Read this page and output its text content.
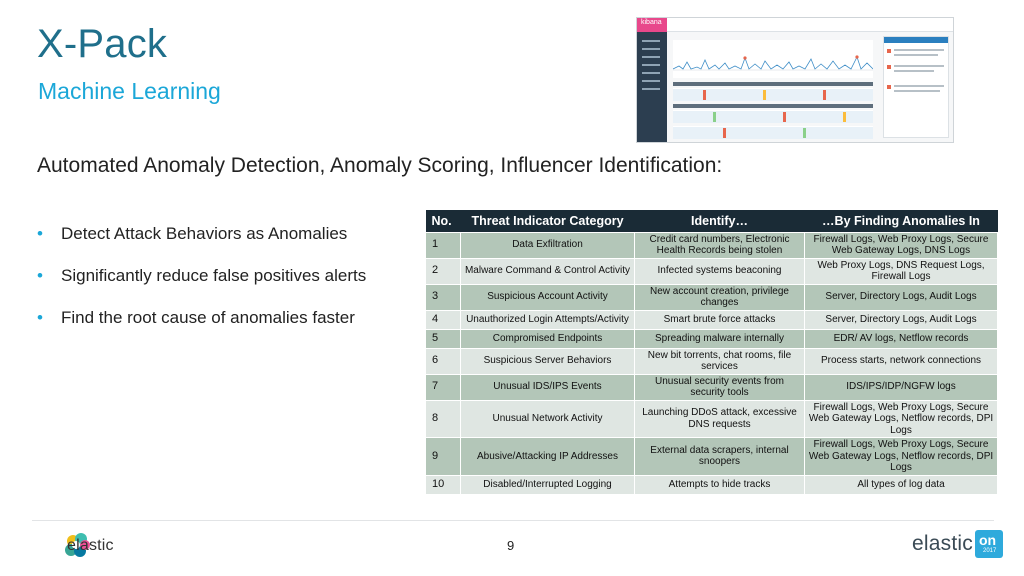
X-Pack
Machine Learning
kibana
Automated Anomaly Detection, Anomaly Scoring, Influencer Identification:
• Detect Attack Behaviors as Anomalies
• Significantly reduce false positives alerts
• Find the root cause of anomalies faster
No.	Threat Indicator Category	Identify…	…By Finding Anomalies In
1	Data Exfiltration	Credit card numbers, Electronic Health Records being stolen	Firewall Logs, Web Proxy Logs, Secure Web Gateway Logs, DNS Logs
2	Malware Command & Control Activity	Infected systems beaconing	Web Proxy Logs, DNS Request Logs, Firewall Logs
3	Suspicious Account Activity	New account creation, privilege changes	Server, Directory Logs, Audit Logs
4	Unauthorized Login Attempts/Activity	Smart brute force attacks	Server, Directory Logs, Audit Logs
5	Compromised Endpoints	Spreading malware internally	EDR/ AV logs, Netflow records
6	Suspicious Server Behaviors	New bit torrents, chat rooms, file services	Process starts, network connections
7	Unusual IDS/IPS Events	Unusual security events from security tools	IDS/IPS/IDP/NGFW logs
8	Unusual Network Activity	Launching DDoS attack, excessive DNS requests	Firewall Logs, Web Proxy Logs, Secure Web Gateway Logs, Netflow records, DPI Logs
9	Abusive/Attacking IP Addresses	External data scrapers, internal snoopers	Firewall Logs, Web Proxy Logs, Secure Web Gateway Logs, Netflow records, DPI Logs
10	Disabled/Interrupted Logging	Attempts to hide tracks	All types of log data
elastic	9	elastic on
2017
